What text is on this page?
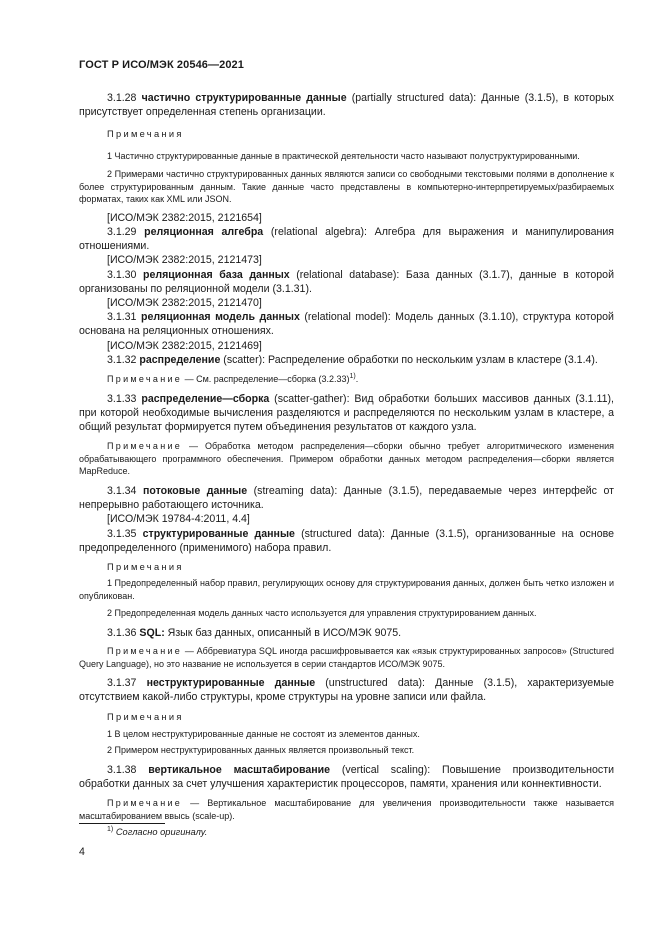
ГОСТ Р ИСО/МЭК 20546—2021

3.1.28 частично структурированные данные (partially structured data): Данные (3.1.5), в которых присутствует определенная степень организации.

Примечания

1 Частично структурированные данные в практической деятельности часто называют полуструктурированными.

2 Примерами частично структурированных данных являются записи со свободными текстовыми полями в дополнение к более структурированным данным. Такие данные часто представлены в компьютерно-интерпретируемых/разбираемых форматах, таких как XML или JSON.

[ИСО/МЭК 2382:2015, 2121654]

3.1.29 реляционная алгебра (relational algebra): Алгебра для выражения и манипулирования отношениями.

[ИСО/МЭК 2382:2015, 2121473]

3.1.30 реляционная база данных (relational database): База данных (3.1.7), данные в которой организованы по реляционной модели (3.1.31).

[ИСО/МЭК 2382:2015, 2121470]

3.1.31 реляционная модель данных (relational model): Модель данных (3.1.10), структура которой основана на реляционных отношениях.

[ИСО/МЭК 2382:2015, 2121469]

3.1.32 распределение (scatter): Распределение обработки по нескольким узлам в кластере (3.1.4).

Примечание — См. распределение—сборка $(3.2.33)^{1)}$.

3.1.33 распределение—сборка (scatter-gather): Вид обработки больших массивов данных (3.1.11), при которой необходимые вычисления разделяются и распределяются по нескольким узлам в кластере, а общий результат формируется путем объединения результатов от каждого узла.

Примечание — Обработка методом распределения—сборки обычно требует алгоритмического изменения обрабатывающего программного обеспечения. Примером обработки данных методом распределения—сборки является MapReduce.

3.1.34 потоковые данные (streaming data): Данные (3.1.5), передаваемые через интерфейс от непрерывно работающего источника.

[ИСО/МЭК 19784-4:2011, 4.4]

3.1.35 структурированные данные (structured data): Данные (3.1.5), организованные на основе предопределенного (применимого) набора правил.

Примечания

1 Предопределенный набор правил, регулирующих основу для структурирования данных, должен быть четко изложен и опубликован.

2 Предопределенная модель данных часто используется для управления структурированием данных.

3.1.36 SQL: Язык баз данных, описанный в ИСО/МЭК 9075.

Примечание — Аббревиатура SQL иногда расшифровывается как «язык структурированных запросов» (Structured Query Language), но это название не используется в серии стандартов ИСО/МЭК 9075.

3.1.37 неструктурированные данные (unstructured data): Данные (3.1.5), характеризуемые отсутствием какой-либо структуры, кроме структуры на уровне записи или файла.

Примечания

1 В целом неструктурированные данные не состоят из элементов данных.

2 Примером неструктурированных данных является произвольный текст.

3.1.38 вертикальное масштабирование (vertical scaling): Повышение производительности обработки данных за счет улучшения характеристик процессоров, памяти, хранения или коннективности.

Примечание — Вертикальное масштабирование для увеличения производительности также называется масштабированием ввысь (scale-up).

$^{1)}$ Согласно оригиналу.
4
